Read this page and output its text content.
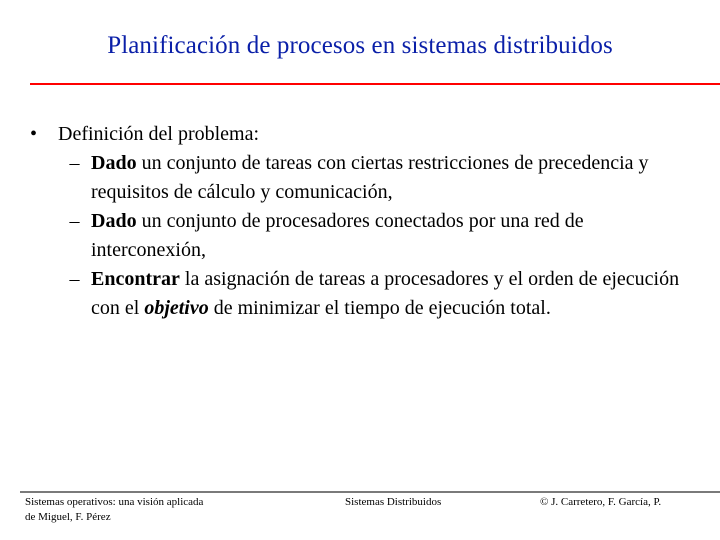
Planificación de procesos en sistemas distribuidos
•	Definición del problema:
– Dado un conjunto de tareas con ciertas restricciones de precedencia y requisitos de cálculo y comunicación,
– Dado un conjunto de procesadores conectados por una red de interconexión,
– Encontrar la asignación de tareas a procesadores y el orden de ejecución con el objetivo de minimizar el tiempo de ejecución total.
Sistemas operativos: una visión aplicada
de Miguel, F. Pérez
Sistemas Distribuidos	© J. Carretero, F. García, P.
